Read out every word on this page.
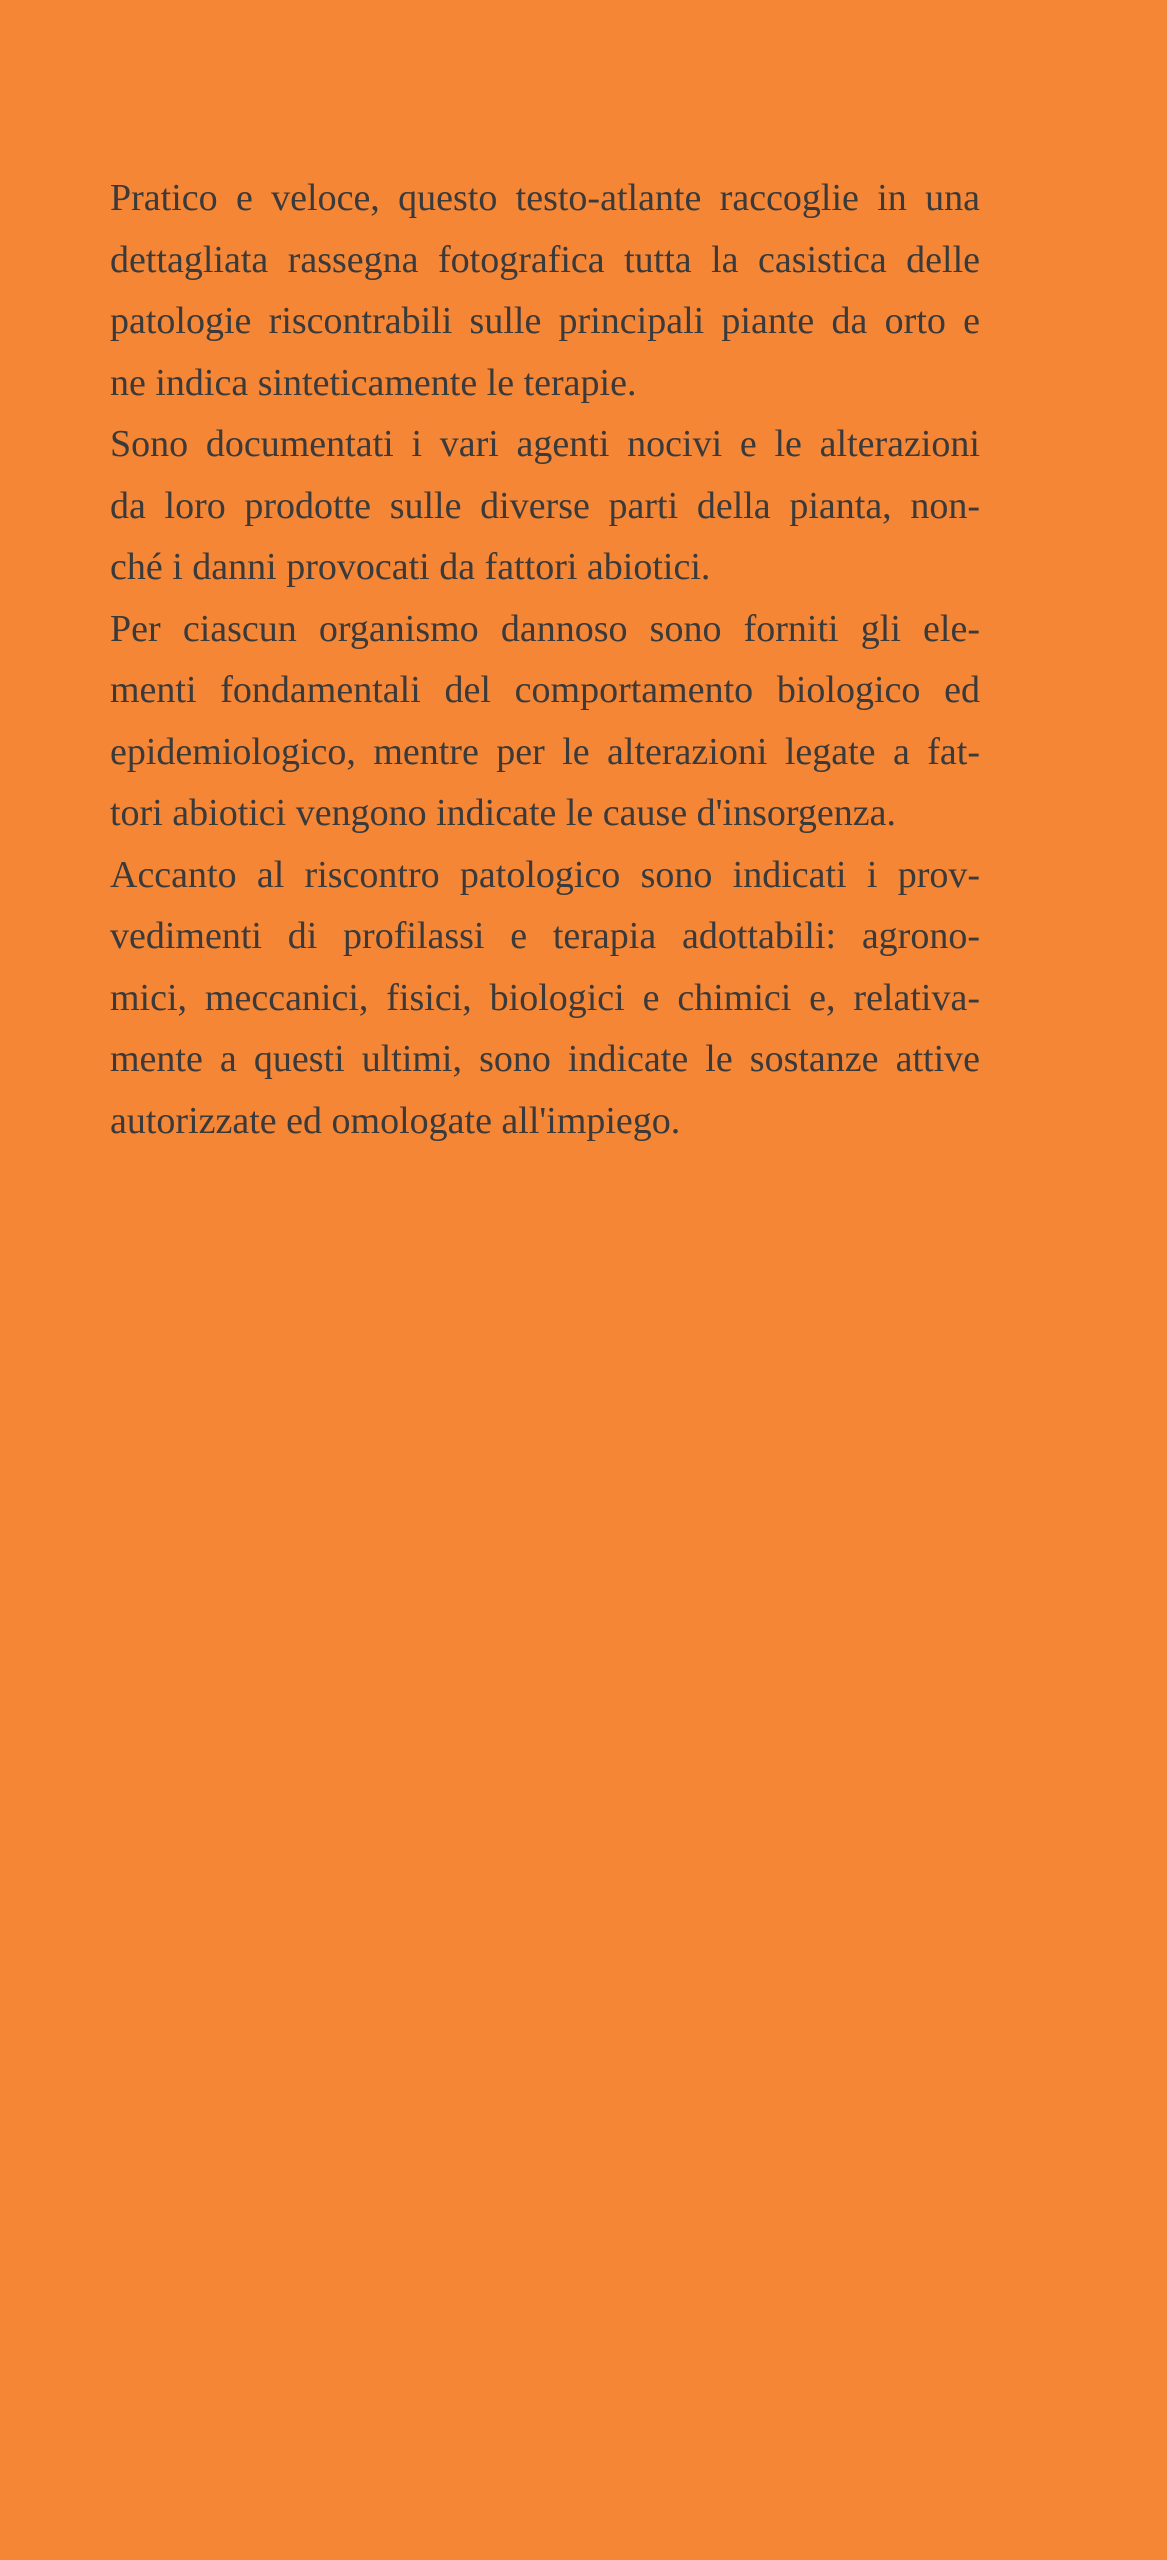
Pratico e veloce, questo testo-atlante raccoglie in una
dettagliata rassegna fotografica tutta la casistica delle
patologie riscontrabili sulle principali piante da orto e
ne indica sinteticamente le terapie.

Sono documentati i vari agenti nocivi e le alterazioni
da loro prodotte sulle diverse parti della pianta, non-
ché i danni provocati da fattori abiotici.

Per ciascun organismo dannoso sono forniti gli ele-
menti fondamentali del comportamento biologico ed
epidemiologico, mentre per le alterazioni legate a fat-
tori abiotici vengono indicate le cause d'insorgenza.

Accanto al riscontro patologico sono indicati i prov-
vedimenti di profilassi e terapia adottabili: agrono-
mici, meccanici, fisici, biologici e chimici e, relativa-
mente a questi ultimi, sono indicate le sostanze attive
autorizzate ed omologate all'impiego.
